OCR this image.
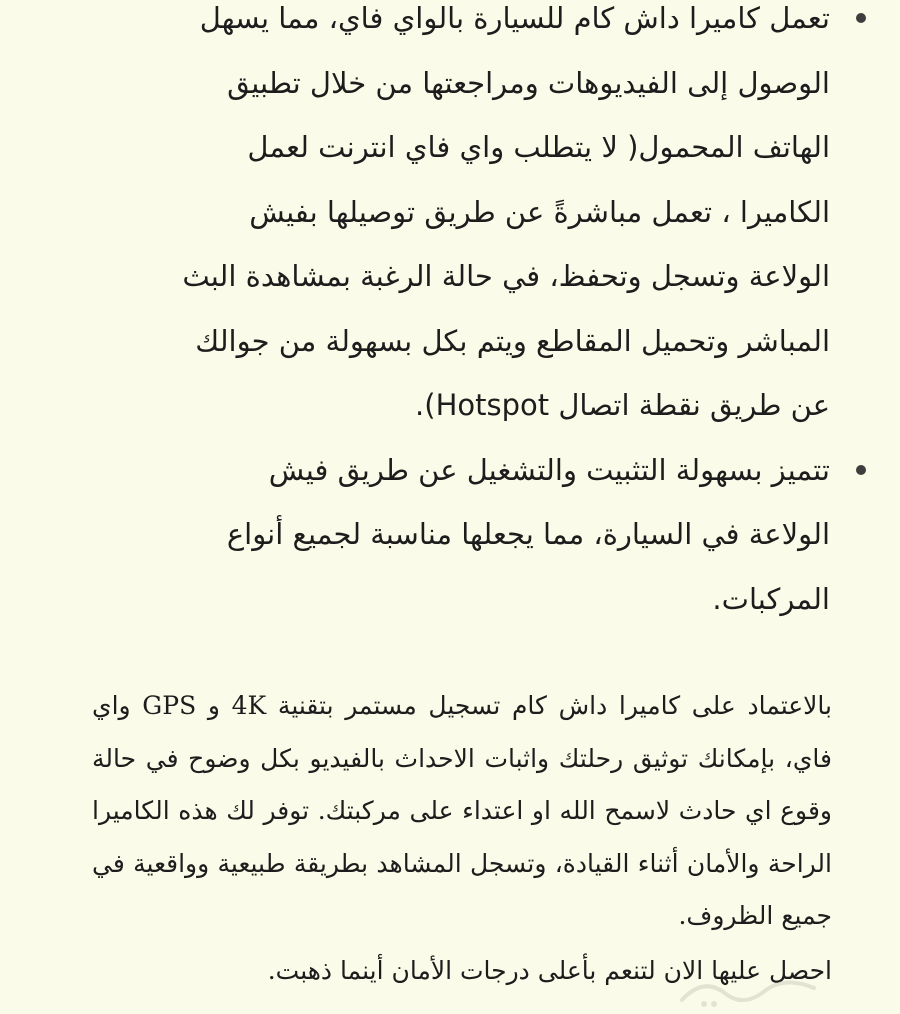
تعمل كاميرا داش كام للسيارة بالواي فاي، مما يسهل الوصول إلى الفيديوهات ومراجعتها من خلال تطبيق الهاتف المحمول( لا يتطلب واي فاي انترنت لعمل الكاميرا ، تعمل مباشرةً عن طريق توصيلها بفيش الولاعة وتسجل وتحفظ، في حالة الرغبة بمشاهدة البث المباشر وتحميل المقاطع ويتم بكل بسهولة من جوالك عن طريق نقطة اتصال Hotspot).

تتميز بسهولة التثبيت والتشغيل عن طريق فيش الولاعة في السيارة، مما يجعلها مناسبة لجميع أنواع المركبات.

بالاعتماد على كاميرا داش كام تسجيل مستمر بتقنية 4K و GPS واي فاي، بإمكانك توثيق رحلتك واثبات الاحداث بالفيديو بكل وضوح في حالة وقوع اي حادث لاسمح الله او اعتداء على مركبتك. توفر لك هذه الكاميرا الراحة والأمان أثناء القيادة، وتسجل المشاهد بطريقة طبيعية وواقعية في جميع الظروف.

احصل عليها الان لتنعم بأعلى درجات الأمان أينما ذهبت.
